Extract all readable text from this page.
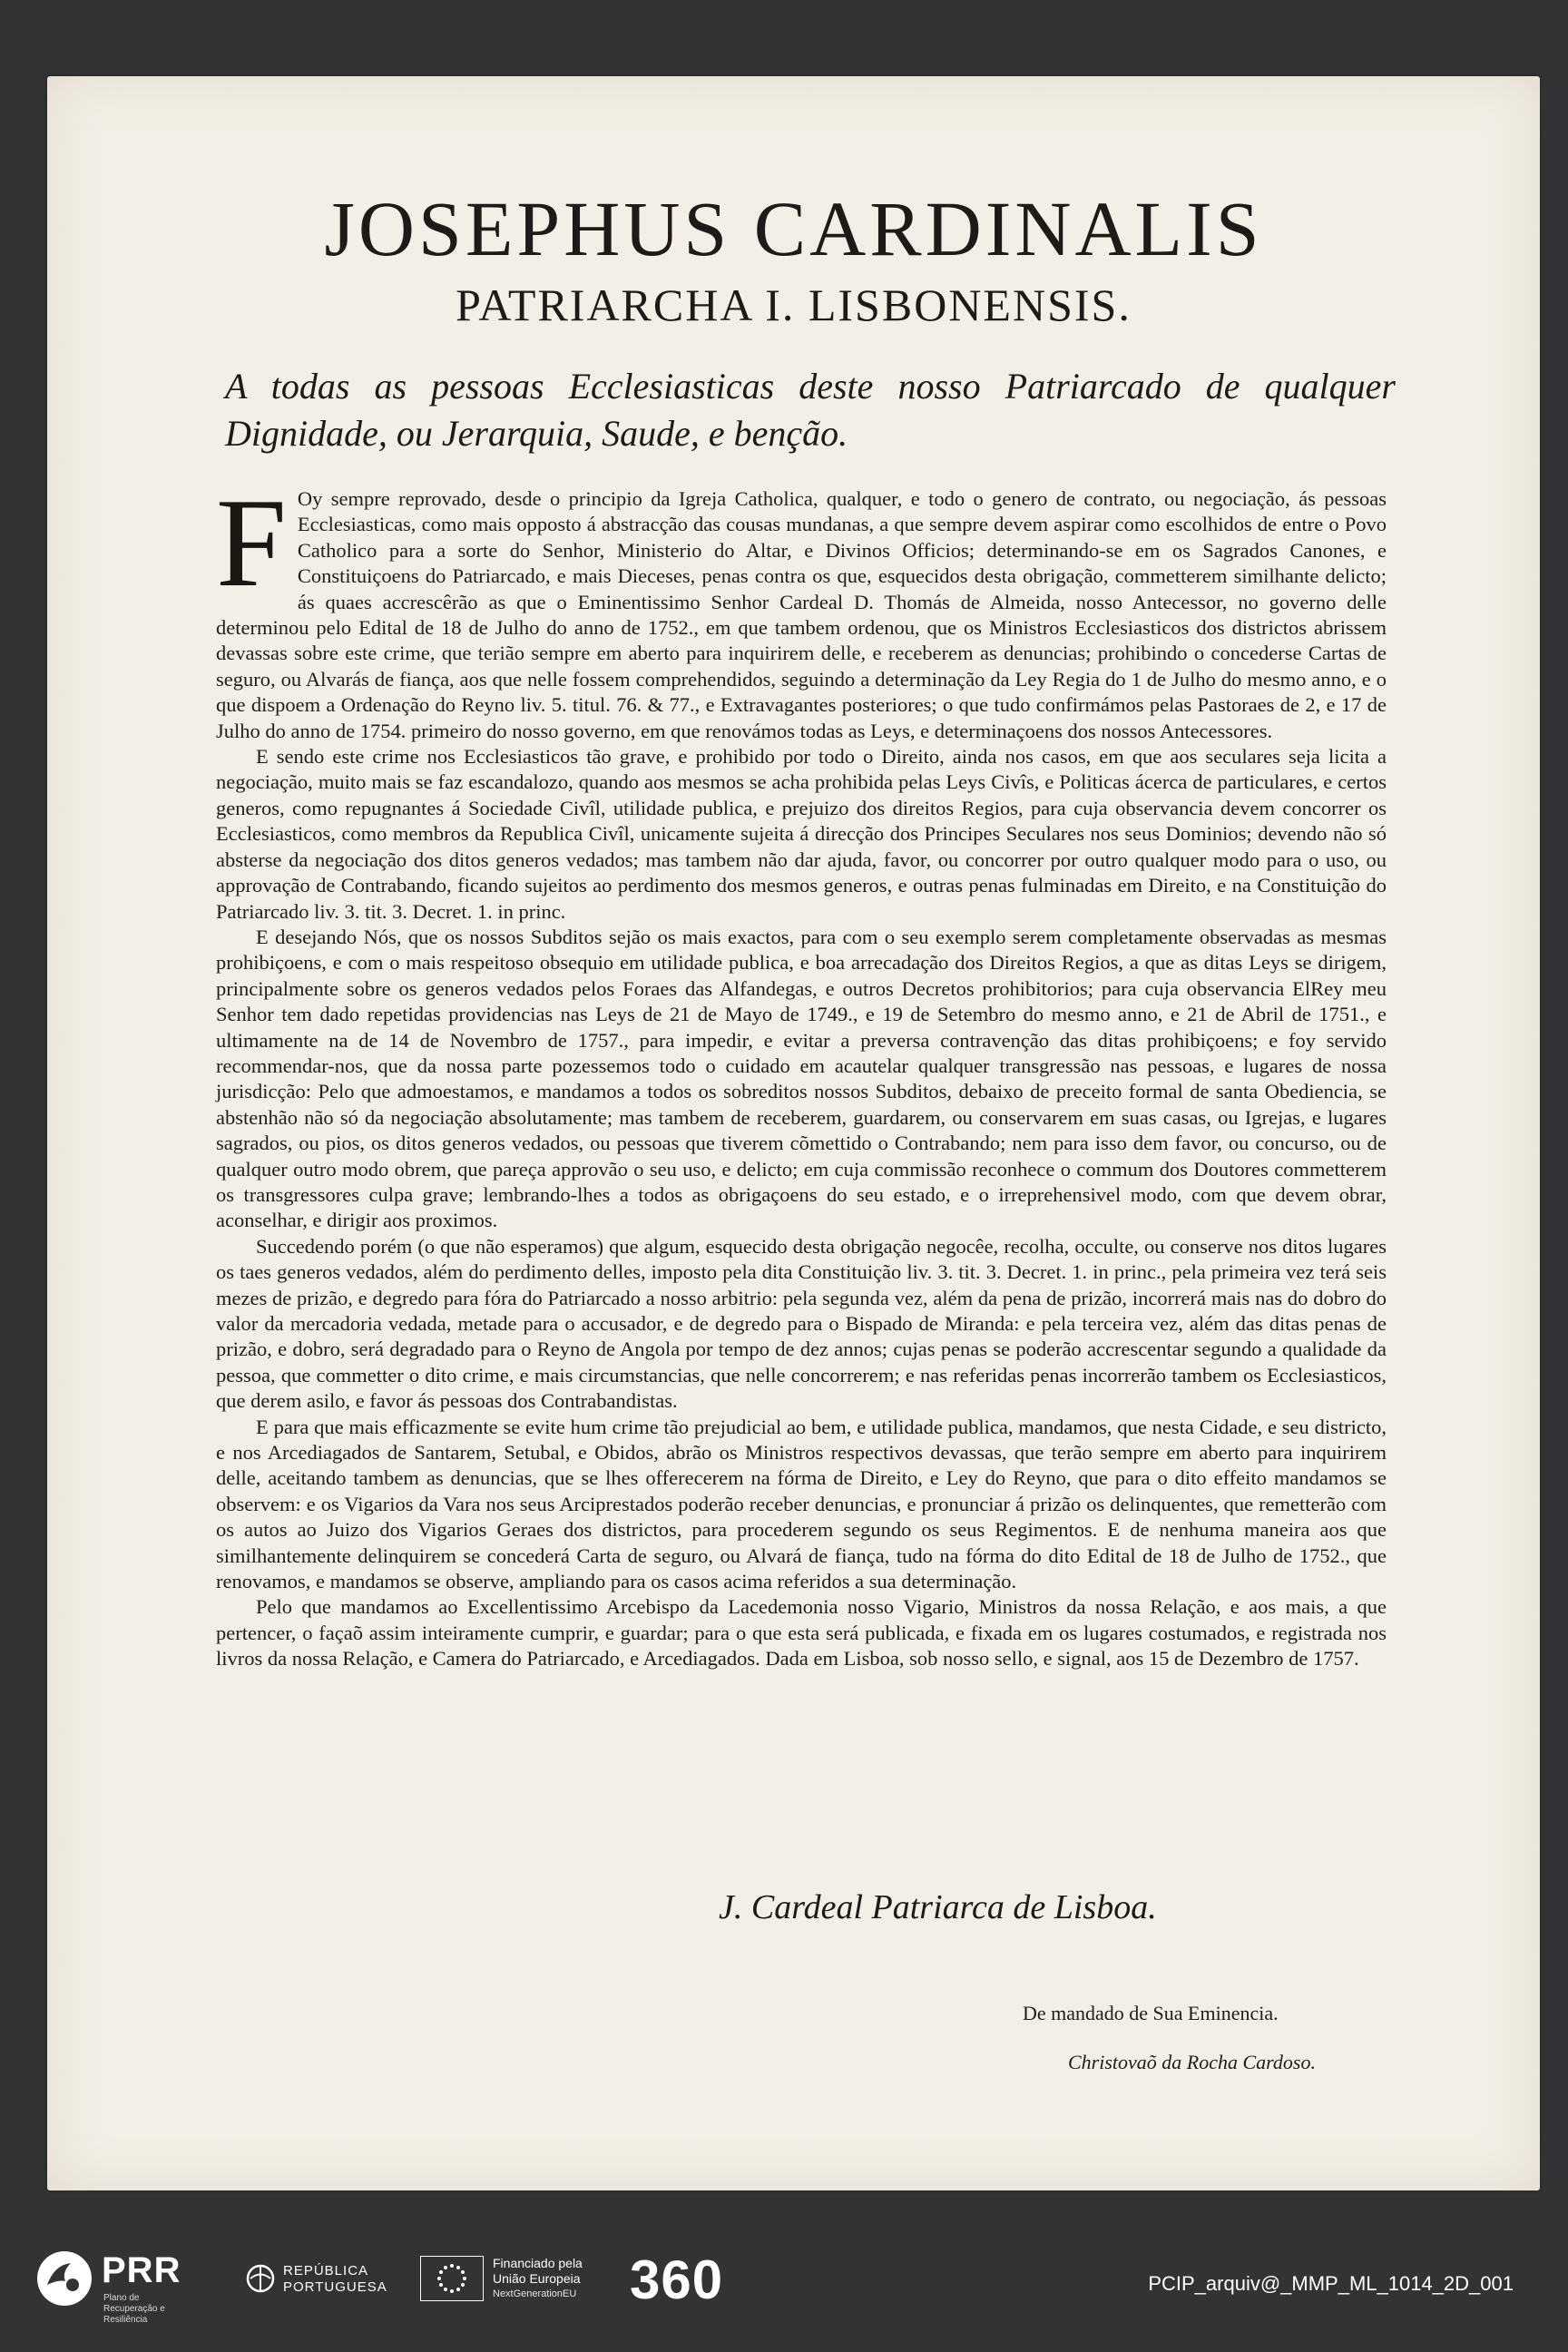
JOSEPHUS CARDINALIS
PATRIARCHA I. LISBONENSIS.
A todas as pessoas Ecclesiasticas deste nosso Patriarcado de qualquer Dignidade, ou Jerarquia, Saude, e benção.

F Oy sempre reprovado, desde o principio da Igreja Catholica, qualquer, e todo o genero de contrato, ou negociação, ás pessoas Ecclesiasticas, como mais opposto á abstracção das cousas mundanas, a que sempre devem aspirar como escolhidos de entre o Povo Catholico para a sorte do Senhor, Ministerio do Altar, e Divinos Officios; determinando-se em os Sagrados Canones, e Constituiçoens do Patriarcado, e mais Dieceses, penas contra os que, esquecidos desta obrigação, commetterem similhante delicto; ás quaes accrescêrão as que o Eminentissimo Senhor Cardeal D. Thomás de Almeida, nosso Antecessor, no governo delle determinou pelo Edital de 18 de Julho do anno de 1752., em que tambem ordenou, que os Ministros Ecclesiasticos dos districtos abrissem devassas sobre este crime, que terião sempre em aberto para inquirirem delle, e receberem as denuncias; prohibindo o concederse Cartas de seguro, ou Alvarás de fiança, aos que nelle fossem comprehendidos, seguindo a determinação da Ley Regia do 1 de Julho do mesmo anno, e o que dispoem a Ordenação do Reyno liv. 5. titul. 76. & 77., e Extravagantes posteriores; o que tudo confirmámos pelas Pastoraes de 2, e 17 de Julho do anno de 1754. primeiro do nosso governo, em que renovámos todas as Leys, e determinaçoens dos nossos Antecessores.

E sendo este crime nos Ecclesiasticos tão grave, e prohibido por todo o Direito, ainda nos casos, em que aos seculares seja licita a negociação, muito mais se faz escandalozo, quando aos mesmos se acha prohibida pelas Leys Civîs, e Politicas ácerca de particulares, e certos generos, como repugnantes á Sociedade Civîl, utilidade publica, e prejuizo dos direitos Regios, para cuja observancia devem concorrer os Ecclesiasticos, como membros da Republica Civîl, unicamente sujeita á direcção dos Principes Seculares nos seus Dominios; devendo não só absterse da negociação dos ditos generos vedados; mas tambem não dar ajuda, favor, ou concorrer por outro qualquer modo para o uso, ou approvação de Contrabando, ficando sujeitos ao perdimento dos mesmos generos, e outras penas fulminadas em Direito, e na Constituição do Patriarcado liv. 3. tit. 3. Decret. 1. in princ.

E desejando Nós, que os nossos Subditos sejão os mais exactos, para com o seu exemplo serem completamente observadas as mesmas prohibiçoens, e com o mais respeitoso obsequio em utilidade publica, e boa arrecadação dos Direitos Regios, a que as ditas Leys se dirigem, principalmente sobre os generos vedados pelos Foraes das Alfandegas, e outros Decretos prohibitorios; para cuja observancia ElRey meu Senhor tem dado repetidas providencias nas Leys de 21 de Mayo de 1749., e 19 de Setembro do mesmo anno, e 21 de Abril de 1751., e ultimamente na de 14 de Novembro de 1757., para impedir, e evitar a preversa contravenção das ditas prohibiçoens; e foy servido recommendar-nos, que da nossa parte pozessemos todo o cuidado em acautelar qualquer transgressão nas pessoas, e lugares de nossa jurisdicção: Pelo que admoestamos, e mandamos a todos os sobreditos nossos Subditos, debaixo de preceito formal de santa Obediencia, se abstenhão não só da negociação absolutamente; mas tambem de receberem, guardarem, ou conservarem em suas casas, ou Igrejas, e lugares sagrados, ou pios, os ditos generos vedados, ou pessoas que tiverem cõmettido o Contrabando; nem para isso dem favor, ou concurso, ou de qualquer outro modo obrem, que pareça approvão o seu uso, e delicto; em cuja commissão reconhece o commum dos Doutores commetterem os transgressores culpa grave; lembrando-lhes a todos as obrigaçoens do seu estado, e o irreprehensivel modo, com que devem obrar, aconselhar, e dirigir aos proximos.

Succedendo porém (o que não esperamos) que algum, esquecido desta obrigação negocêe, recolha, occulte, ou conserve nos ditos lugares os taes generos vedados, além do perdimento delles, imposto pela dita Constituição liv. 3. tit. 3. Decret. 1. in princ., pela primeira vez terá seis mezes de prizão, e degredo para fóra do Patriarcado a nosso arbitrio: pela segunda vez, além da pena de prizão, incorrerá mais nas do dobro do valor da mercadoria vedada, metade para o accusador, e de degredo para o Bispado de Miranda: e pela terceira vez, além das ditas penas de prizão, e dobro, será degradado para o Reyno de Angola por tempo de dez annos; cujas penas se poderão accrescentar segundo a qualidade da pessoa, que commetter o dito crime, e mais circumstancias, que nelle concorrerem; e nas referidas penas incorrerão tambem os Ecclesiasticos, que derem asilo, e favor ás pessoas dos Contrabandistas.

E para que mais efficazmente se evite hum crime tão prejudicial ao bem, e utilidade publica, mandamos, que nesta Cidade, e seu districto, e nos Arcediagados de Santarem, Setubal, e Obidos, abrão os Ministros respectivos devassas, que terão sempre em aberto para inquirirem delle, aceitando tambem as denuncias, que se lhes offerecerem na fórma de Direito, e Ley do Reyno, que para o dito effeito mandamos se observem: e os Vigarios da Vara nos seus Arciprestados poderão receber denuncias, e pronunciar á prizão os delinquentes, que remetterão com os autos ao Juizo dos Vigarios Geraes dos districtos, para procederem segundo os seus Regimentos. E de nenhuma maneira aos que similhantemente delinquirem se concederá Carta de seguro, ou Alvará de fiança, tudo na fórma do dito Edital de 18 de Julho de 1752., que renovamos, e mandamos se observe, ampliando para os casos acima referidos a sua determinação.

Pelo que mandamos ao Excellentissimo Arcebispo da Lacedemonia nosso Vigario, Ministros da nossa Relação, e aos mais, a que pertencer, o façaõ assim inteiramente cumprir, e guardar; para o que esta será publicada, e fixada em os lugares costumados, e registrada nos livros da nossa Relação, e Camera do Patriarcado, e Arcediagados. Dada em Lisboa, sob nosso sello, e signal, aos 15 de Dezembro de 1757.

J. Cardeal Patriarca de Lisboa.
De mandado de Sua Eminencia.
Christovaõ da Rocha Cardoso.
PRR
Plano de Recuperação e Resiliência
REPÚBLICA
PORTUGUESA
Financiado pela
União Europeia
NextGenerationEU 360	PCIP_arquiv@_MMP_ML_1014_2D_001
